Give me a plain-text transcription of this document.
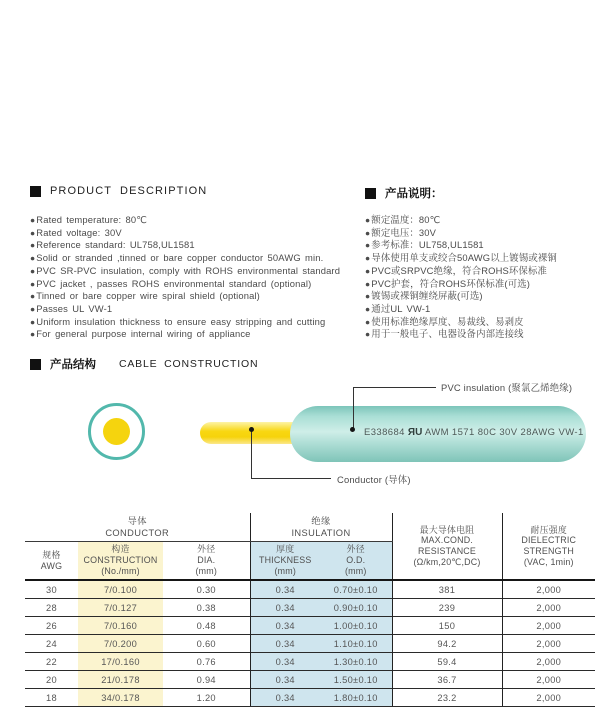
PRODUCT DESCRIPTION	产品说明：
●Rated temperature: 80℃
●Rated voltage: 30V
●Reference standard: UL758,UL1581
●Solid or stranded ,tinned or bare copper conductor 50AWG min.
●PVC SR-PVC insulation, comply with ROHS environmental standard
●PVC jacket , passes ROHS environmental standard (optional)
●Tinned or bare copper wire spiral shield (optional)
●Passes UL VW-1
●Uniform insulation thickness to ensure easy stripping and cutting
●For general purpose internal wiring of appliance
●额定温度：80℃
●额定电压：30V
●参考标准：UL758,UL1581
●导体使用单支或绞合50AWG以上镀锡或裸铜
●PVC或SRPVC绝缘，符合ROHS环保标准
●PVC护套，符合ROHS环保标准(可选)
●镀锡或裸铜缠绕屏蔽(可选)
●通过UL VW-1
●使用标准绝缘厚度、易裁线、易剥皮
●用于一般电子、电器设备内部连接线
产品结构 CABLE CONSTRUCTION
E338684 ЯU AWM 1571 80C 30V 28AWG VW-1
PVC insulation (聚氯乙烯绝缘)
Conductor (导体)
导体
CONDUCTOR			绝缘
INSULATION		最大导体电阻
MAX.COND.
RESISTANCE
(Ω/km,20℃,DC)	耐压强度
DIELECTRIC
STRENGTH
(VAC, 1min)

规格
AWG	构造
CONSTRUCTION
(No./mm)	外径
DIA.
(mm)	厚度
THICKNESS
(mm)	外径
O.D.
(mm)		

30	7/0.100	0.30	0.34	0.70±0.10	381	2,000
28	7/0.127	0.38	0.34	0.90±0.10	239	2,000
26	7/0.160	0.48	0.34	1.00±0.10	150	2,000
24	7/0.200	0.60	0.34	1.10±0.10	94.2	2,000
22	17/0.160	0.76	0.34	1.30±0.10	59.4	2,000
20	21/0.178	0.94	0.34	1.50±0.10	36.7	2,000
18	34/0.178	1.20	0.34	1.80±0.10	23.2	2,000
